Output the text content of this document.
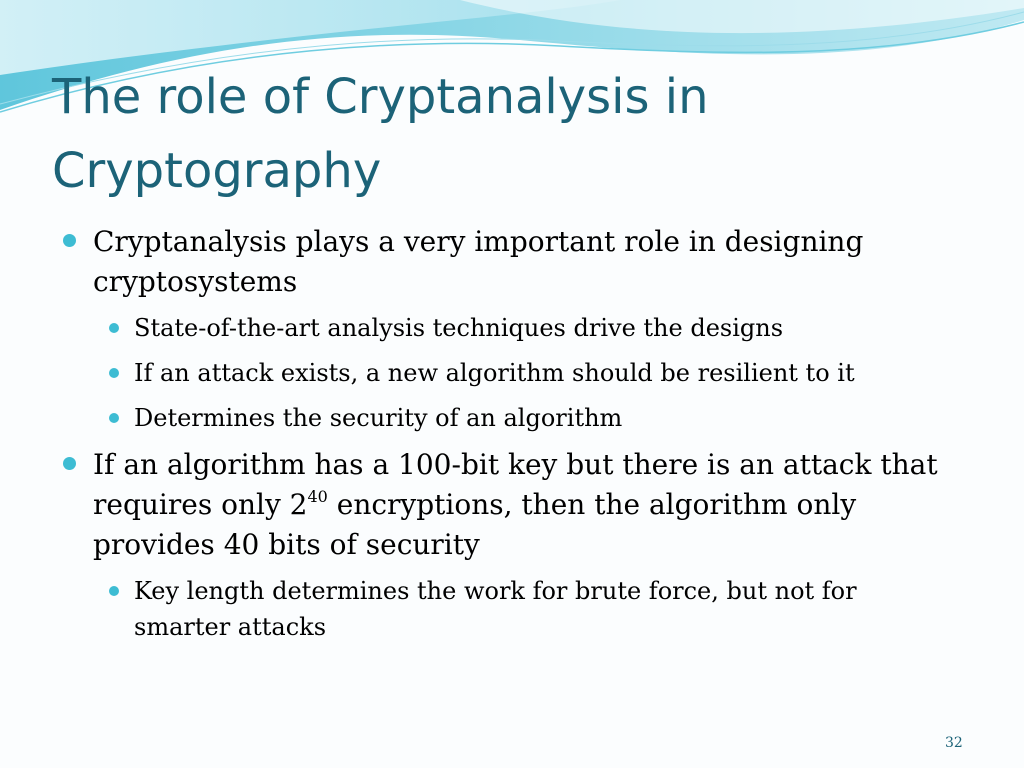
The role of Cryptanalysis in Cryptography
Cryptanalysis plays a very important role in designing cryptosystems
State-of-the-art analysis techniques drive the designs
If an attack exists, a new algorithm should be resilient to it
Determines the security of an algorithm
If an algorithm has a 100-bit key but there is an attack that requires only $2^{40}$ encryptions, then the algorithm only provides 40 bits of security
Key length determines the work for brute force, but not for smarter attacks
32
